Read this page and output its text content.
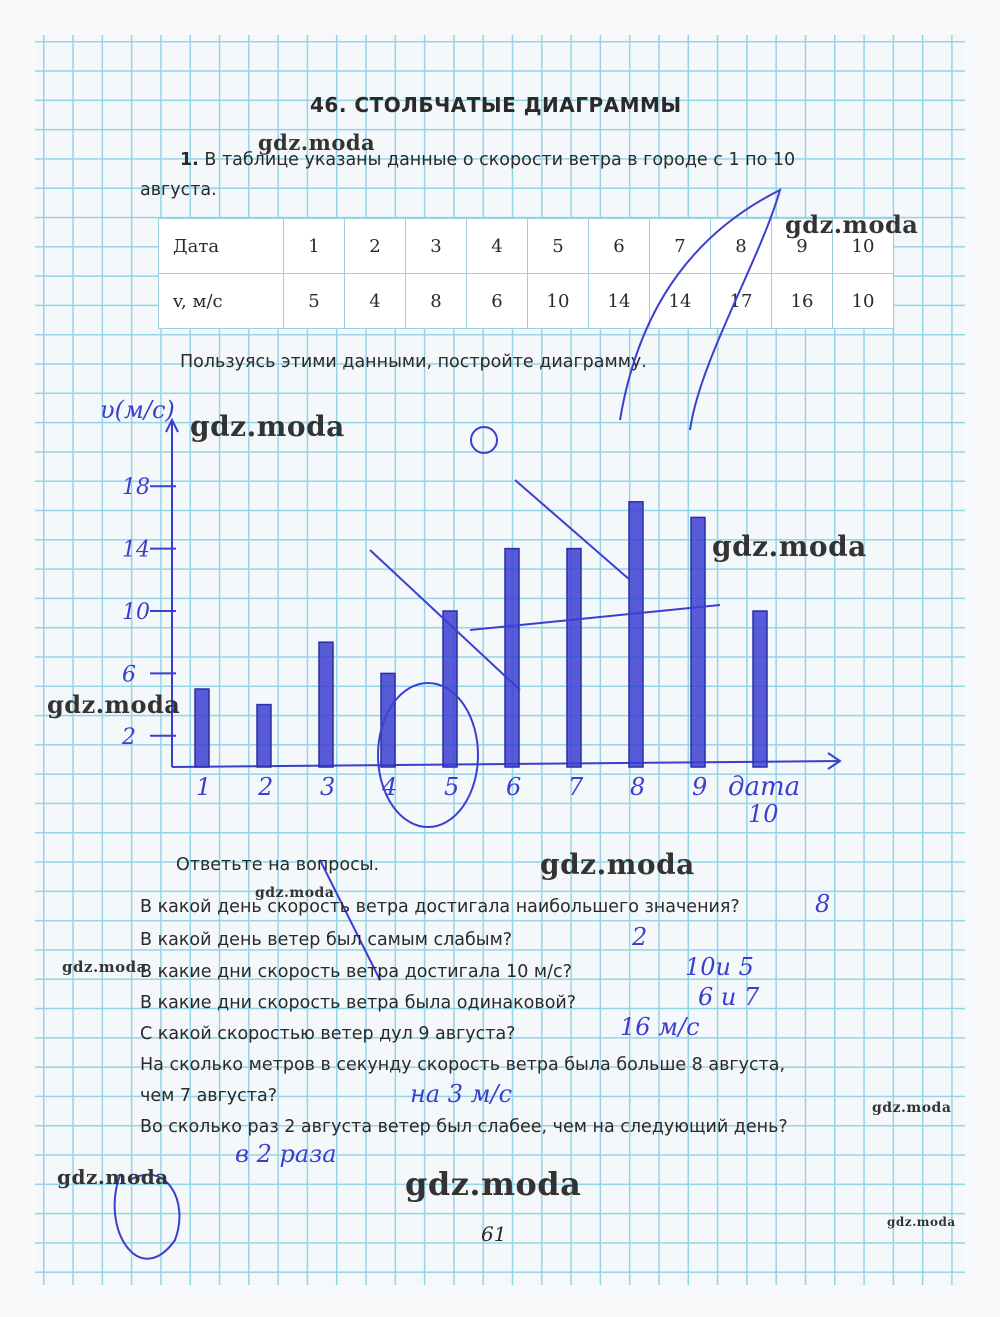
46. СТОЛБЧАТЫЕ ДИАГРАММЫ
1. В таблице указаны данные о скорости ветра в городе с 1 по 10 августа.
Дата	1	2	3	4	5	6	7	8	9	10
v, м/с	5	4	8	6	10	14	14	17	16	10
Пользуясь этими данными, постройте диаграмму.
υ(м/с)
дата
2
6
10
14
18
1 2 3 4 5 6 7 8 9
10
Ответьте на вопросы.
В какой день скорость ветра достигала наибольшего значения?
В какой день ветер был самым слабым?
В какие дни скорость ветра достигала 10 м/с?
В какие дни скорость ветра была одинаковой?
С какой скоростью ветер дул 9 августа?
На сколько метров в секунду скорость ветра была больше 8 августа,
чем 7 августа?
Во сколько раз 2 августа ветер был слабее, чем на следующий день?
8
2
10и 5
6 и 7
16 м/с
на 3 м/с
в 2 раза
61
gdz.moda
gdz.moda
gdz.moda
gdz.moda
gdz.moda
gdz.moda
gdz.moda
gdz.moda
gdz.moda
gdz.moda	gdz.moda
gdz.moda
